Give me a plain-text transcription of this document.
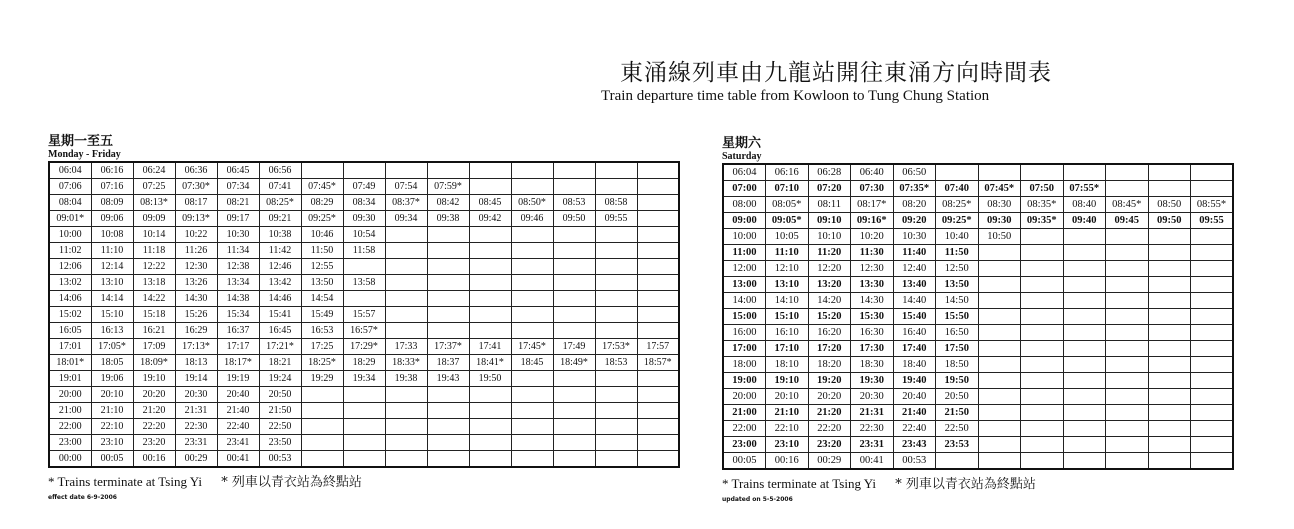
東涌線列車由九龍站開往東涌方向時間表
Train departure time table from Kowloon to Tung Chung Station
星期一至五
Monday - Friday
06:04	06:16	06:24	06:36	06:45	06:56									
07:06	07:16	07:25	07:30*	07:34	07:41	07:45*	07:49	07:54	07:59*					
08:04	08:09	08:13*	08:17	08:21	08:25*	08:29	08:34	08:37*	08:42	08:45	08:50*	08:53	08:58	
09:01*	09:06	09:09	09:13*	09:17	09:21	09:25*	09:30	09:34	09:38	09:42	09:46	09:50	09:55	
10:00	10:08	10:14	10:22	10:30	10:38	10:46	10:54							
11:02	11:10	11:18	11:26	11:34	11:42	11:50	11:58							
12:06	12:14	12:22	12:30	12:38	12:46	12:55								
13:02	13:10	13:18	13:26	13:34	13:42	13:50	13:58							
14:06	14:14	14:22	14:30	14:38	14:46	14:54								
15:02	15:10	15:18	15:26	15:34	15:41	15:49	15:57							
16:05	16:13	16:21	16:29	16:37	16:45	16:53	16:57*							
17:01	17:05*	17:09	17:13*	17:17	17:21*	17:25	17:29*	17:33	17:37*	17:41	17:45*	17:49	17:53*	17:57
18:01*	18:05	18:09*	18:13	18:17*	18:21	18:25*	18:29	18:33*	18:37	18:41*	18:45	18:49*	18:53	18:57*
19:01	19:06	19:10	19:14	19:19	19:24	19:29	19:34	19:38	19:43	19:50				
20:00	20:10	20:20	20:30	20:40	20:50									
21:00	21:10	21:20	21:31	21:40	21:50									
22:00	22:10	22:20	22:30	22:40	22:50									
23:00	23:10	23:20	23:31	23:41	23:50									
00:00	00:05	00:16	00:29	00:41	00:53									
* Trains terminate at Tsing Yi * 列車以青衣站為終點站
effect date 6-9-2006
星期六
Saturday
06:04	06:16	06:28	06:40	06:50							
07:00	07:10	07:20	07:30	07:35*	07:40	07:45*	07:50	07:55*			
08:00	08:05*	08:11	08:17*	08:20	08:25*	08:30	08:35*	08:40	08:45*	08:50	08:55*
09:00	09:05*	09:10	09:16*	09:20	09:25*	09:30	09:35*	09:40	09:45	09:50	09:55
10:00	10:05	10:10	10:20	10:30	10:40	10:50					
11:00	11:10	11:20	11:30	11:40	11:50						
12:00	12:10	12:20	12:30	12:40	12:50						
13:00	13:10	13:20	13:30	13:40	13:50						
14:00	14:10	14:20	14:30	14:40	14:50						
15:00	15:10	15:20	15:30	15:40	15:50						
16:00	16:10	16:20	16:30	16:40	16:50						
17:00	17:10	17:20	17:30	17:40	17:50						
18:00	18:10	18:20	18:30	18:40	18:50						
19:00	19:10	19:20	19:30	19:40	19:50						
20:00	20:10	20:20	20:30	20:40	20:50						
21:00	21:10	21:20	21:31	21:40	21:50						
22:00	22:10	22:20	22:30	22:40	22:50						
23:00	23:10	23:20	23:31	23:43	23:53						
00:05	00:16	00:29	00:41	00:53							
* Trains terminate at Tsing Yi * 列車以青衣站為終點站
updated on 5-5-2006
